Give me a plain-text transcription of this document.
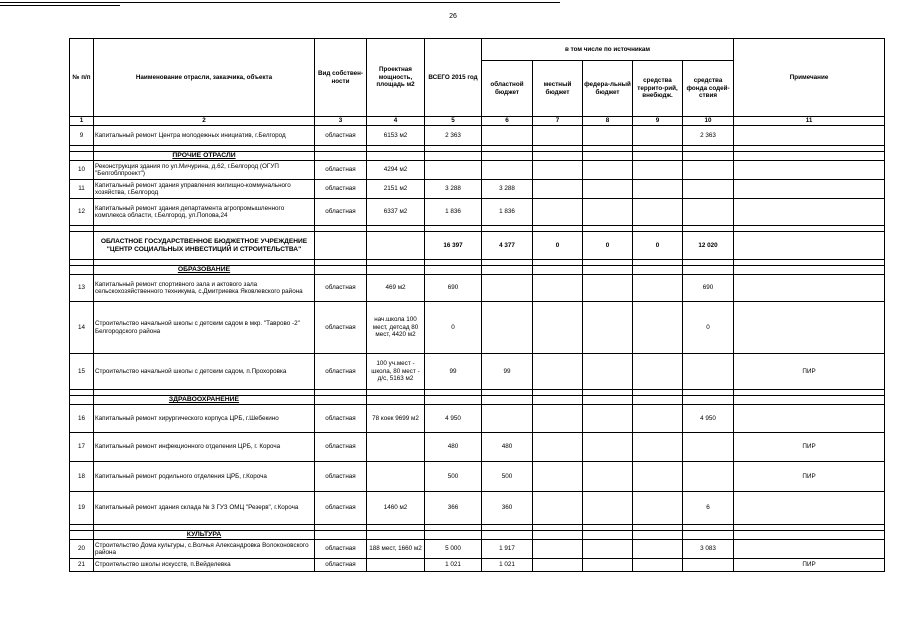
26
№ п/п	Наименование отрасли, заказчика, объекта	Вид собствен-ности	Проектная мощность, площадь м2	ВСЕГО 2015 год	в том числе по источникам					Примечание
					областной бюджет	местный бюджет	федера-льный бюджет	средства террито-рий, внебюдж.	средства фонда содей-ствия	
1	2	3	4	5	6	7	8	9	10	11
9	Капитальный ремонт Центра молодежных инициатив, г.Белгород	областная	6153 м2	2 363					2 363	

	ПРОЧИЕ ОТРАСЛИ									
10	Реконструкция здания по ул.Мичурина, д.62, г.Белгород (ОГУП "Белгоблпроект")	областная	4294 м2							
11	Капитальный ремонт здания управления жилищно-коммунального хозяйства, г.Белгород	областная	2151 м2	3 288	3 288					
12	Капитальный ремонт здания департамента агропромышленного комплекса области, г.Белгород, ул.Попова,24	областная	6337 м2	1 836	1 836					

	ОБЛАСТНОЕ ГОСУДАРСТВЕННОЕ БЮДЖЕТНОЕ УЧРЕЖДЕНИЕ "ЦЕНТР СОЦИАЛЬНЫХ ИНВЕСТИЦИЙ И СТРОИТЕЛЬСТВА"			16 397	4 377	0	0	0	12 020	

	ОБРАЗОВАНИЕ									
13	Капитальный ремонт спортивного зала и актового зала сельскохозяйственного техникума, с.Дмитриевка Яковлевского района	областная	469 м2	690					690	
14	Строительство начальной школы с детским садом в мкр. "Таврово -2" Белгородского района	областная	нач.школа 100 мест, детсад 80 мест, 4420 м2	0					0	
15	Строительство начальной школы с детским садом, п.Прохоровка	областная	100 уч.мест - школа, 80 мест - д/с, 5163 м2	99	99					ПИР

	ЗДРАВООХРАНЕНИЕ									
16	Капитальный ремонт хирургического корпуса ЦРБ, г.Шебекино	областная	78 коек 9699 м2	4 950					4 950	
17	Капитальный ремонт инфекционного отделения ЦРБ, г. Короча	областная		480	480					ПИР
18	Капитальный ремонт родильного отделения ЦРБ, г.Короча	областная		500	500					ПИР
19	Капитальный ремонт здания склада № 3 ГУЗ ОМЦ "Резерв", г.Короча	областная	1460 м2	366	360				6	

	КУЛЬТУРА									
20	Строительство Дома культуры, с.Волчья Александровка Волоконовского района	областная	188 мест, 1660 м2	5 000	1 917				3 083	
21	Строительство школы искусств, п.Вейделевка	областная		1 021	1 021					ПИР
